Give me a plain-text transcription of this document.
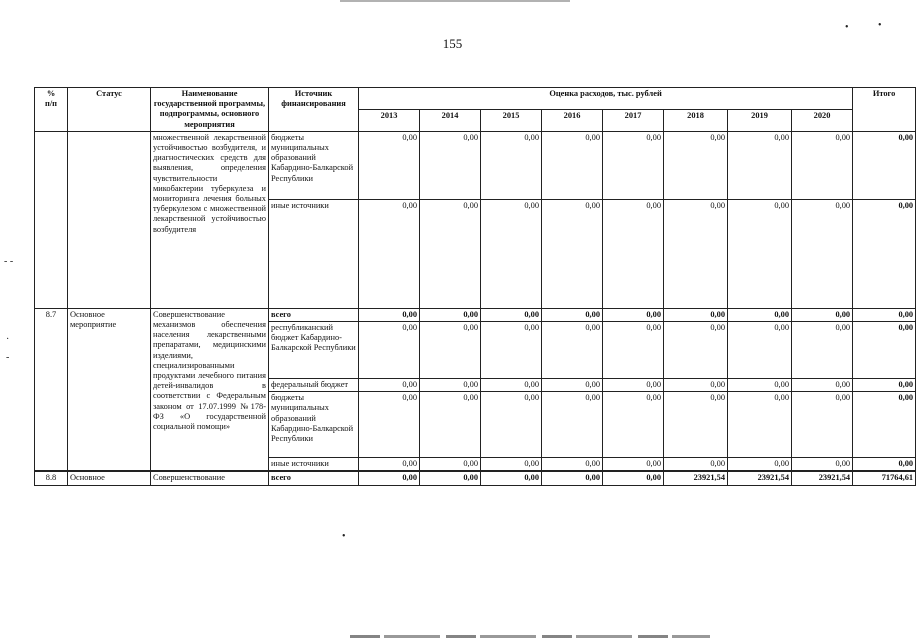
155
•	•
%
п/п	Статус	Наименование государственной программы, подпрограммы, основного мероприятия	Источник финансирования	Оценка расходов, тыс. рублей								Итого
				2013	2014	2015	2016	2017	2018	2019	2020	
		множественной лекарственной устойчивостью возбудителя, и диагностических средств для выявления, определения чувствительности микобактерии туберкулеза и мониторинга лечения больных туберкулезом с множественной лекарственной устойчивостью возбудителя	бюджеты муниципальных образований Кабардино-Балкарской Республики	0,00	0,00	0,00	0,00	0,00	0,00	0,00	0,00	0,00
			иные источники	0,00	0,00	0,00	0,00	0,00	0,00	0,00	0,00	0,00
8.7	Основное мероприятие	Совершенствование механизмов обеспечения населения лекарственными препаратами, медицинскими изделиями, специализированными продуктами лечебного питания детей-инвалидов в соответствии с Федеральным законом от 17.07.1999 №178-ФЗ «О государственной социальной помощи»	всего	0,00	0,00	0,00	0,00	0,00	0,00	0,00	0,00	0,00
			республиканский бюджет Кабардино-Балкарской Республики	0,00	0,00	0,00	0,00	0,00	0,00	0,00	0,00	0,00
			федеральный бюджет	0,00	0,00	0,00	0,00	0,00	0,00	0,00	0,00	0,00
			бюджеты муниципальных образований Кабардино-Балкарской Республики	0,00	0,00	0,00	0,00	0,00	0,00	0,00	0,00	0,00
			иные источники	0,00	0,00	0,00	0,00	0,00	0,00	0,00	0,00	0,00
8.8	Основное	Совершенствование	всего	0,00	0,00	0,00	0,00	0,00	23921,54	23921,54	23921,54	71764,61
- -
·
-
•
